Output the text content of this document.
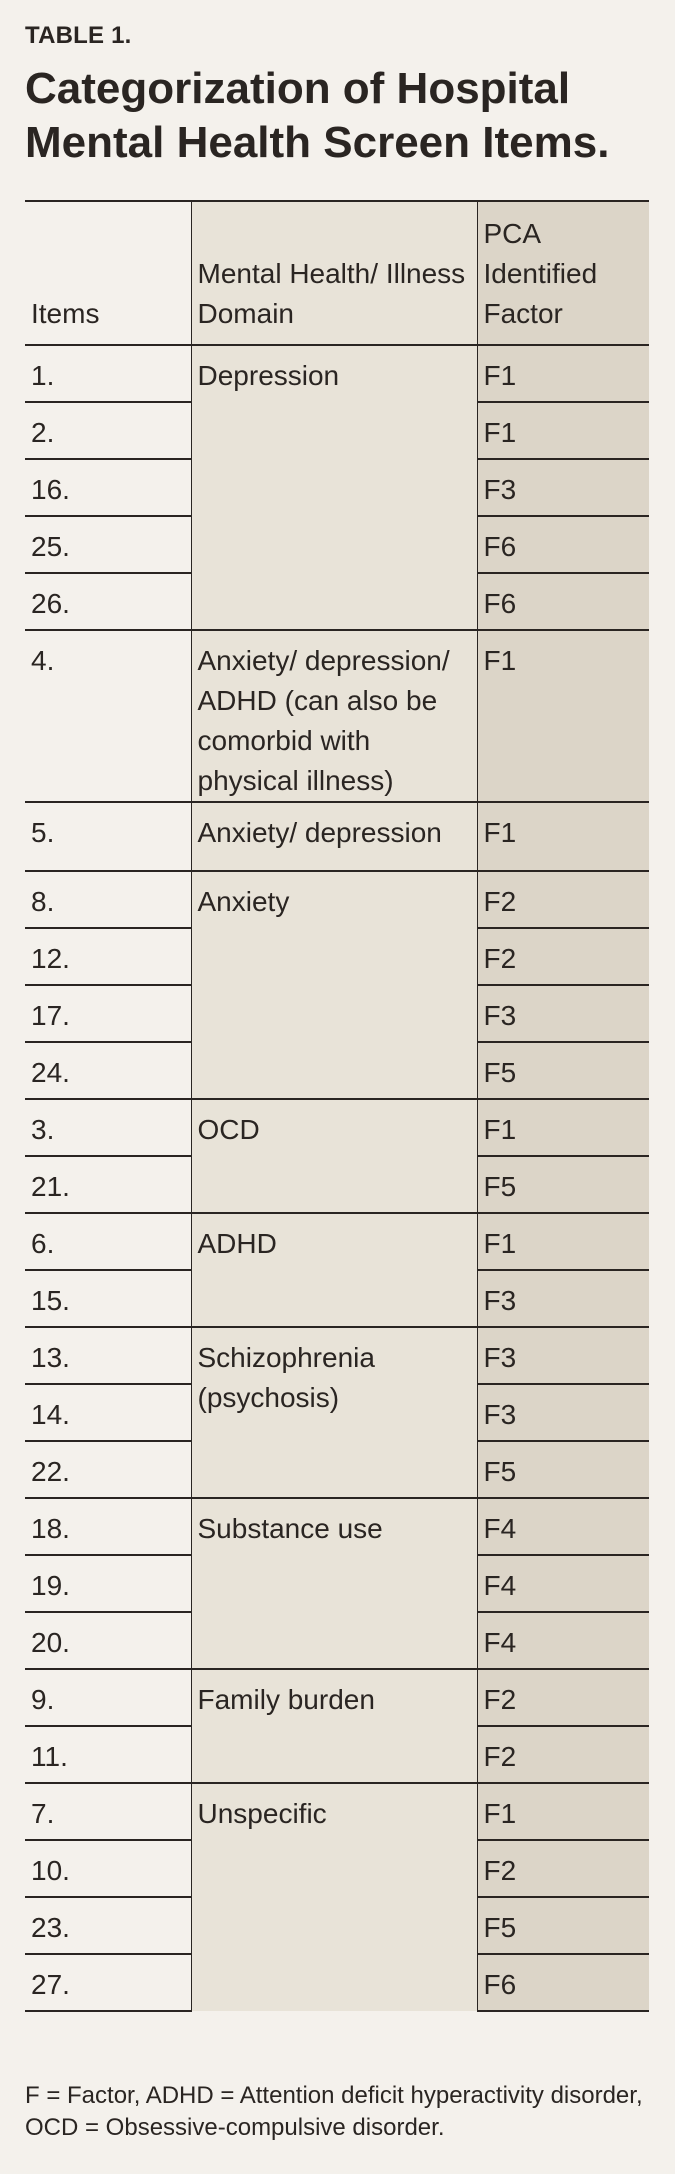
TABLE 1.
Categorization of Hospital Mental Health Screen Items.
Items	Mental Health/ Illness Domain	PCA Identified Factor
1.	Depression	F1
2.		F1
16.		F3
25.		F6
26.		F6
4.	Anxiety/ depression/ ADHD (can also be comorbid with physical illness)	F1
5.	Anxiety/ depression	F1
8.	Anxiety	F2
12.		F2
17.		F3
24.		F5
3.	OCD	F1
21.		F5
6.	ADHD	F1
15.		F3
13.	Schizophrenia (psychosis)	F3
14.		F3
22.		F5
18.	Substance use	F4
19.		F4
20.		F4
9.	Family burden	F2
11.		F2
7.	Unspecific	F1
10.		F2
23.		F5
27.		F6
F = Factor, ADHD = Attention deficit hyperactivity disorder, OCD = Obsessive-compulsive disorder.
